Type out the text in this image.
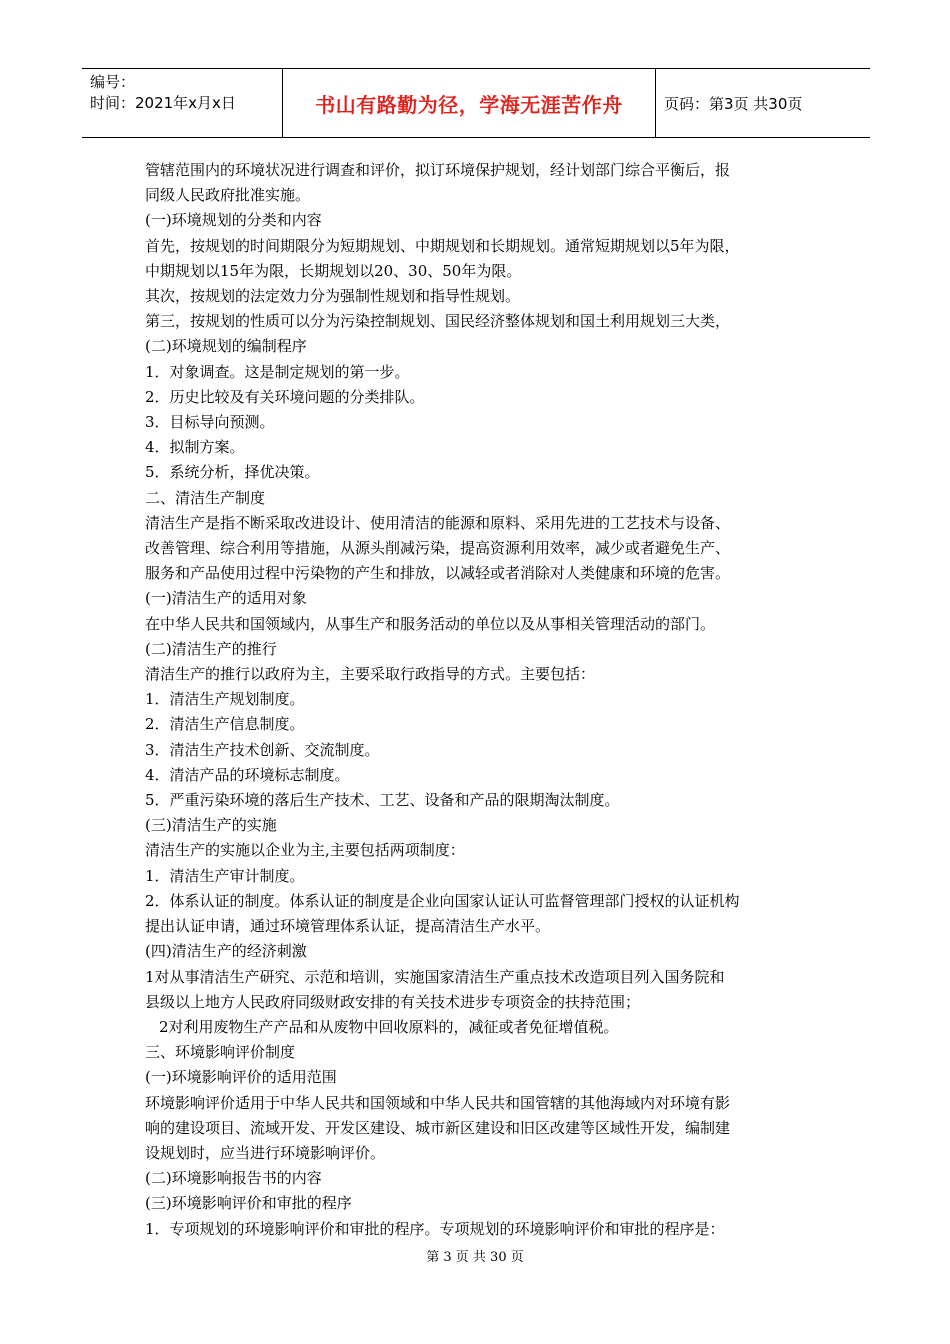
编号：
时间：2021年x月x日	书山有路勤为径，学海无涯苦作舟	页码：第3页 共30页
管辖范围内的环境状况进行调查和评价，拟订环境保护规划，经计划部门综合平衡后，报
同级人民政府批准实施。
(一)环境规划的分类和内容
首先，按规划的时间期限分为短期规划、中期规划和长期规划。通常短期规划以5年为限，
中期规划以15年为限，长期规划以20、30、50年为限。
其次，按规划的法定效力分为强制性规划和指导性规划。
第三，按规划的性质可以分为污染控制规划、国民经济整体规划和国土利用规划三大类，
(二)环境规划的编制程序
1．对象调查。这是制定规划的第一步。
2．历史比较及有关环境问题的分类排队。
3．目标导向预测。
4．拟制方案。
5．系统分析，择优决策。
二、清洁生产制度
清洁生产是指不断采取改进设计、使用清洁的能源和原料、采用先进的工艺技术与设备、
改善管理、综合利用等措施，从源头削减污染，提高资源利用效率，减少或者避免生产、
服务和产品使用过程中污染物的产生和排放，以减轻或者消除对人类健康和环境的危害。
(一)清洁生产的适用对象
在中华人民共和国领域内，从事生产和服务活动的单位以及从事相关管理活动的部门。
(二)清洁生产的推行
清洁生产的推行以政府为主，主要采取行政指导的方式。主要包括：
1．清洁生产规划制度。
2．清洁生产信息制度。
3．清洁生产技术创新、交流制度。
4．清洁产品的环境标志制度。
5．严重污染环境的落后生产技术、工艺、设备和产品的限期淘汰制度。
(三)清洁生产的实施
清洁生产的实施以企业为主,主要包括两项制度：
1．清洁生产审计制度。
2．体系认证的制度。体系认证的制度是企业向国家认证认可监督管理部门授权的认证机构
提出认证申请，通过环境管理体系认证，提高清洁生产水平。
(四)清洁生产的经济刺激
1对从事清洁生产研究、示范和培训，实施国家清洁生产重点技术改造项目列入国务院和
县级以上地方人民政府同级财政安排的有关技术进步专项资金的扶持范围；
2对利用废物生产产品和从废物中回收原料的，减征或者免征增值税。
三、环境影响评价制度
(一)环境影响评价的适用范围
环境影响评价适用于中华人民共和国领域和中华人民共和国管辖的其他海域内对环境有影
响的建设项目、流域开发、开发区建设、城市新区建设和旧区改建等区域性开发，编制建
设规划时，应当进行环境影响评价。
(二)环境影响报告书的内容
(三)环境影响评价和审批的程序
1．专项规划的环境影响评价和审批的程序。专项规划的环境影响评价和审批的程序是：
第 3 页 共 30 页
